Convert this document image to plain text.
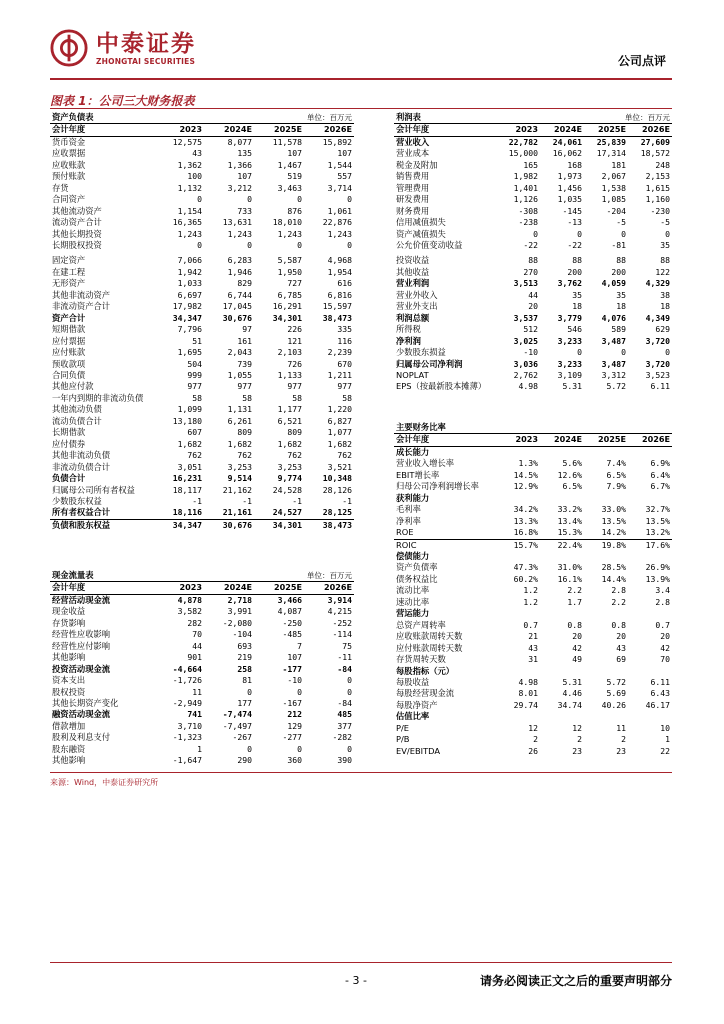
中泰证券
ZHONGTAI SECURITIES	公司点评
图表 1：公司三大财务报表
资产负债表		单位：百万元		
会计年度	2023	2024E	2025E	2026E
货币资金	12,575	8,077	11,578	15,892
应收票据	43	135	107	107
应收账款	1,362	1,366	1,467	1,544
预付账款	100	107	519	557
存货	1,132	3,212	3,463	3,714
合同资产	0	0	0	0
其他流动资产	1,154	733	876	1,061
流动资产合计	16,365	13,631	18,010	22,876
其他长期投资	1,243	1,243	1,243	1,243
长期股权投资	0	0	0	0

固定资产	7,066	6,283	5,587	4,968
在建工程	1,942	1,946	1,950	1,954
无形资产	1,033	829	727	616
其他非流动资产	6,697	6,744	6,785	6,816
非流动资产合计	17,982	17,045	16,291	15,597
资产合计	34,347	30,676	34,301	38,473
短期借款	7,796	97	226	335
应付票据	51	161	121	116
应付账款	1,695	2,043	2,103	2,239
预收款项	504	739	726	670
合同负债	999	1,055	1,133	1,211
其他应付款	977	977	977	977
一年内到期的非流动负债	58	58	58	58
其他流动负债	1,099	1,131	1,177	1,220
流动负债合计	13,180	6,261	6,521	6,827
长期借款	607	809	809	1,077
应付债券	1,682	1,682	1,682	1,682
其他非流动负债	762	762	762	762
非流动负债合计	3,051	3,253	3,253	3,521
负债合计	16,231	9,514	9,774	10,348
归属母公司所有者权益	18,117	21,162	24,528	28,126
少数股东权益	-1	-1	-1	-1
所有者权益合计	18,116	21,161	24,527	28,125
负债和股东权益	34,347	30,676	34,301	38,473
利润表		单位：百万元		
会计年度	2023	2024E	2025E	2026E
营业收入	22,782	24,061	25,839	27,609
营业成本	15,000	16,062	17,314	18,572
税金及附加	165	168	181	248
销售费用	1,982	1,973	2,067	2,153
管理费用	1,401	1,456	1,538	1,615
研发费用	1,126	1,035	1,085	1,160
财务费用	-308	-145	-204	-230
信用减值损失	-238	-13	-5	-5
资产减值损失	0	0	0	0
公允价值变动收益	-22	-22	-81	35

投资收益	88	88	88	88
其他收益	270	200	200	122
营业利润	3,513	3,762	4,059	4,329
营业外收入	44	35	35	38
营业外支出	20	18	18	18
利润总额	3,537	3,779	4,076	4,349
所得税	512	546	589	629
净利润	3,025	3,233	3,487	3,720
少数股东损益	-10	0	0	0
归属母公司净利润	3,036	3,233	3,487	3,720
NOPLAT	2,762	3,109	3,312	3,523
EPS（按最新股本摊薄）	4.98	5.31	5.72	6.11
主要财务比率				
会计年度	2023	2024E	2025E	2026E
成长能力				
营业收入增长率	1.3%	5.6%	7.4%	6.9%
EBIT增长率	14.5%	12.6%	6.5%	6.4%
归母公司净利润增长率	12.9%	6.5%	7.9%	6.7%
获利能力				
毛利率	34.2%	33.2%	33.0%	32.7%
净利率	13.3%	13.4%	13.5%	13.5%
ROE	16.8%	15.3%	14.2%	13.2%
ROIC	15.7%	22.4%	19.8%	17.6%
偿债能力				
资产负债率	47.3%	31.0%	28.5%	26.9%
债务权益比	60.2%	16.1%	14.4%	13.9%
流动比率	1.2	2.2	2.8	3.4
速动比率	1.2	1.7	2.2	2.8
营运能力				
总资产周转率	0.7	0.8	0.8	0.7
应收账款周转天数	21	20	20	20
应付账款周转天数	43	42	43	42
存货周转天数	31	49	69	70
每股指标（元）				
每股收益	4.98	5.31	5.72	6.11
每股经营现金流	8.01	4.46	5.69	6.43
每股净资产	29.74	34.74	40.26	46.17
估值比率				
P/E	12	12	11	10
P/B	2	2	2	1
EV/EBITDA	26	23	23	22
现金流量表		单位：百万元		
会计年度	2023	2024E	2025E	2026E
经营活动现金流	4,878	2,718	3,466	3,914
现金收益	3,582	3,991	4,087	4,215
存货影响	282	-2,080	-250	-252
经营性应收影响	70	-104	-485	-114
经营性应付影响	44	693	7	75
其他影响	901	219	107	-11
投资活动现金流	-4,664	258	-177	-84
资本支出	-1,726	81	-10	0
股权投资	11	0	0	0
其他长期资产变化	-2,949	177	-167	-84
融资活动现金流	741	-7,474	212	485
借款增加	3,710	-7,497	129	377
股利及利息支付	-1,323	-267	-277	-282
股东融资	1	0	0	0
其他影响	-1,647	290	360	390
来源：Wind，中泰证券研究所
- 3 -	请务必阅读正文之后的重要声明部分
